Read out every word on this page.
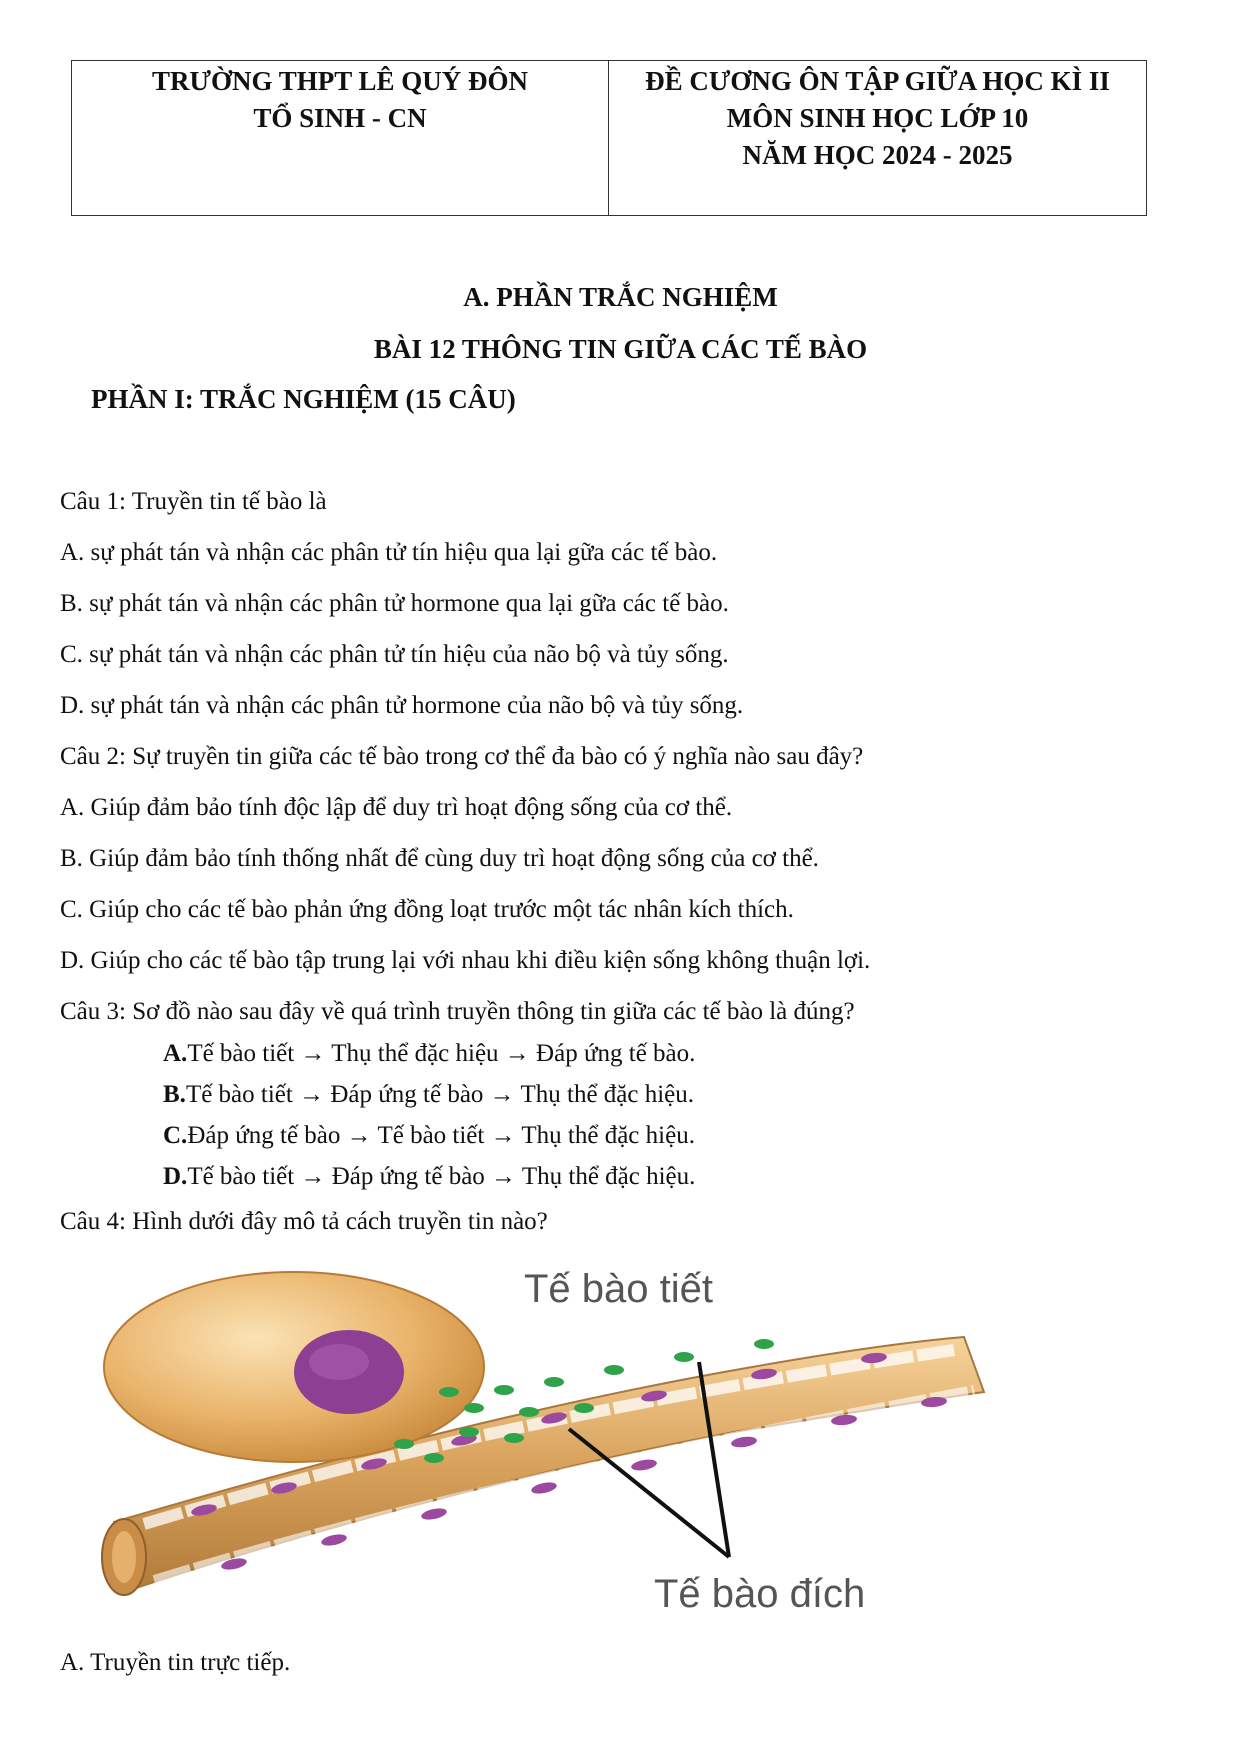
TRƯỜNG THPT LÊ QUÝ ĐÔN
TỔ SINH - CN
ĐỀ CƯƠNG ÔN TẬP GIỮA HỌC KÌ II
MÔN SINH HỌC LỚP 10
NĂM HỌC 2024 - 2025
A. PHẦN TRẮC NGHIỆM
BÀI 12 THÔNG TIN GIỮA CÁC TẾ BÀO
PHẦN I: TRẮC NGHIỆM (15 CÂU)
Câu 1: Truyền tin tế bào là
A. sự phát tán và nhận các phân tử tín hiệu qua lại gữa các tế bào.
B. sự phát tán và nhận các phân tử hormone qua lại gữa các tế bào.
C. sự phát tán và nhận các phân tử tín hiệu của não bộ và tủy sống.
D. sự phát tán và nhận các phân tử hormone của não bộ và tủy sống.
Câu 2: Sự truyền tin giữa các tế bào trong cơ thể đa bào có ý nghĩa nào sau đây?
A. Giúp đảm bảo tính độc lập để duy trì hoạt động sống của cơ thể.
B. Giúp đảm bảo tính thống nhất để cùng duy trì hoạt động sống của cơ thể.
C. Giúp cho các tế bào phản ứng đồng loạt trước một tác nhân kích thích.
D. Giúp cho các tế bào tập trung lại với nhau khi điều kiện sống không thuận lợi.
Câu 3: Sơ đồ nào sau đây về quá trình truyền thông tin giữa các tế bào là đúng?
A.Tế bào tiết → Thụ thể đặc hiệu → Đáp ứng tế bào.
B.Tế bào tiết → Đáp ứng tế bào → Thụ thể đặc hiệu.
C.Đáp ứng tế bào → Tế bào tiết → Thụ thể đặc hiệu.
D.Tế bào tiết → Đáp ứng tế bào → Thụ thể đặc hiệu.
Câu 4: Hình dưới đây mô tả cách truyền tin nào?
Tế bào tiết
Tế bào đích
A. Truyền tin trực tiếp.
